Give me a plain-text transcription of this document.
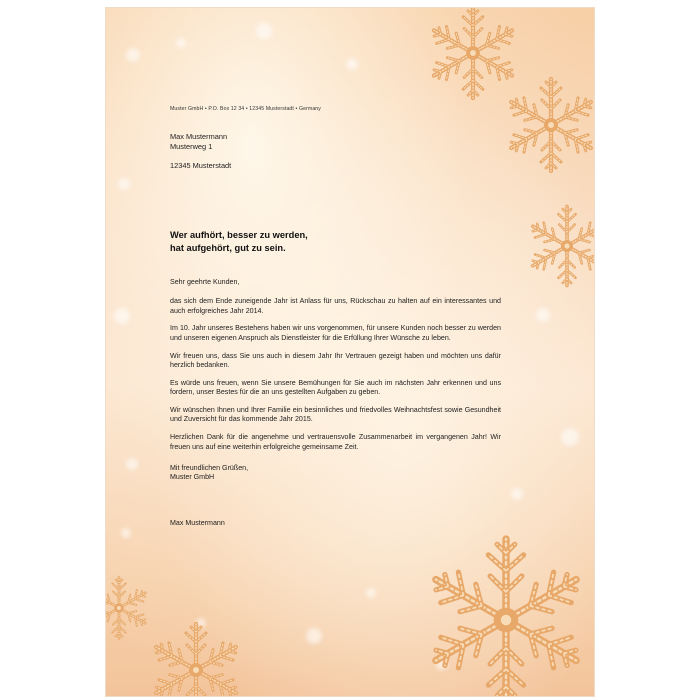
Muster GmbH • P.O. Box 12 34 • 12345 Musterstadt • Germany
Max Mustermann
Musterweg 1
12345 Musterstadt
Wer aufhört, besser zu werden,
hat aufgehört, gut zu sein.

Sehr geehrte Kunden,

das sich dem Ende zuneigende Jahr ist Anlass für uns, Rückschau zu halten auf ein interessantes und auch erfolgreiches Jahr 2014.

Im 10. Jahr unseres Bestehens haben wir uns vorgenommen, für unsere Kunden noch besser zu werden und unseren eigenen Anspruch als Dienstleister für die Erfüllung Ihrer Wünsche zu leben.

Wir freuen uns, dass Sie uns auch in diesem Jahr Ihr Vertrauen gezeigt haben und möchten uns dafür herzlich bedanken.

Es würde uns freuen, wenn Sie unsere Bemühungen für Sie auch im nächsten Jahr erkennen und uns fordern, unser Bestes für die an uns gestellten Aufgaben zu geben.

Wir wünschen Ihnen und Ihrer Familie ein besinnliches und friedvolles Weihnachtsfest sowie Gesundheit und Zuversicht für das kommende Jahr 2015.

Herzlichen Dank für die angenehme und vertrauensvolle Zusammenarbeit im vergangenen Jahr! Wir freuen uns auf eine weiterhin erfolgreiche gemeinsame Zeit.

Mit freundlichen Grüßen,
Muster GmbH

Max Mustermann
